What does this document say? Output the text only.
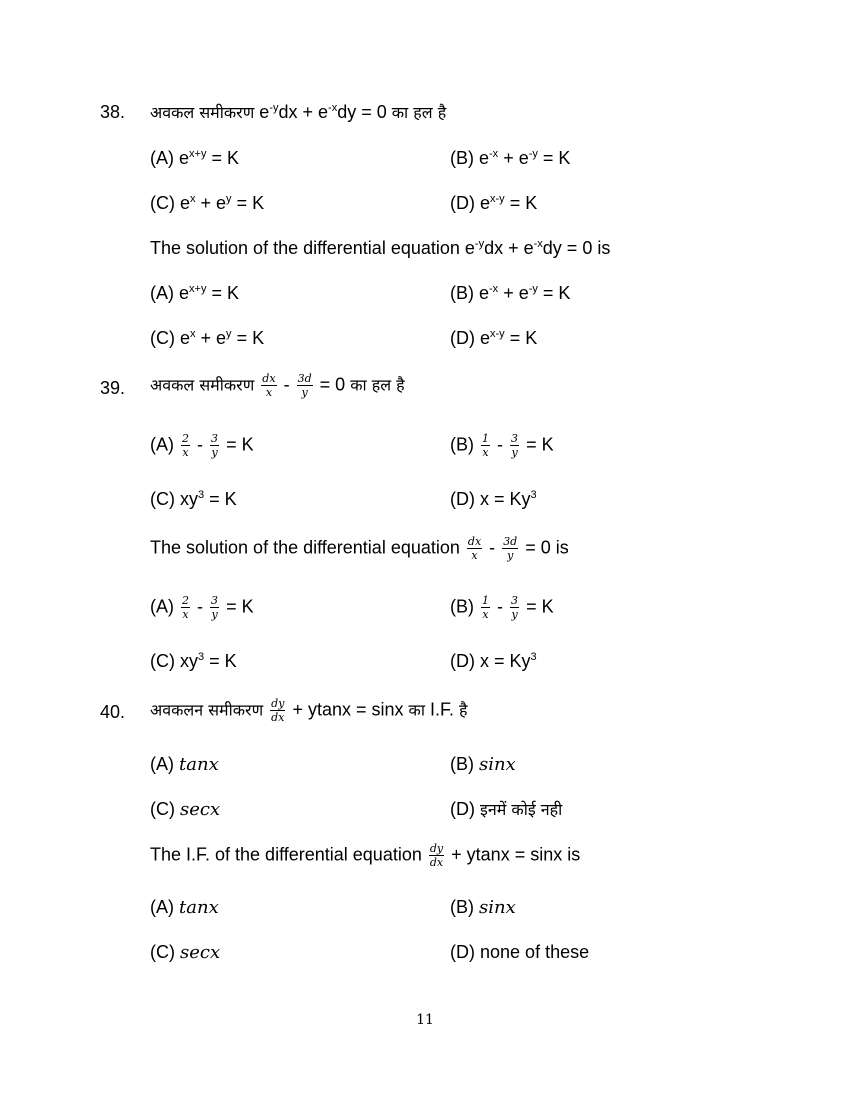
38. अवकल समीकरण $e^{-y}dx + e^{-x}dy = 0$ का हल है
(A) $e^{x+y} = K$	(B) $e^{-x} + e^{-y} = K$
(C) $e^x + e^y = K$	(D) $e^{x-y} = K$
The solution of the differential equation $e^{-y}dx + e^{-x}dy = 0$ is
(A) $e^{x+y} = K$	(B) $e^{-x} + e^{-y} = K$
(C) $e^x + e^y = K$	(D) $e^{x-y} = K$
39. अवकल समीकरण $\frac{dx}{x} - \frac{3d}{y} = 0$ का हल है
$(A) \frac{2}{x} - \frac{3}{y} = K$	$(B) \frac{1}{x} - \frac{3}{y} = K$
(C) $xy^3 = K$	(D) $x = Ky^3$
The solution of the differential equation $\frac{dx}{x} - \frac{3d}{y} = 0$ is
$(A) \frac{2}{x} - \frac{3}{y} = K$	$(B) \frac{1}{x} - \frac{3}{y} = K$
(C) $xy^3 = K$	(D) $x = Ky^3$
40. अवकलन समीकरण $\frac{dy}{dx} + ytanx = \sin x$ का I.F. है
(A) tanx	(B) sinx
(C) secx	(D) इनमें कोई नही
The I.F. of the differential equation $\frac{dy}{dx} + ytanx = \sin x$ is
(A) tanx	(B) sinx
(C) secx	(D) none of these
11
